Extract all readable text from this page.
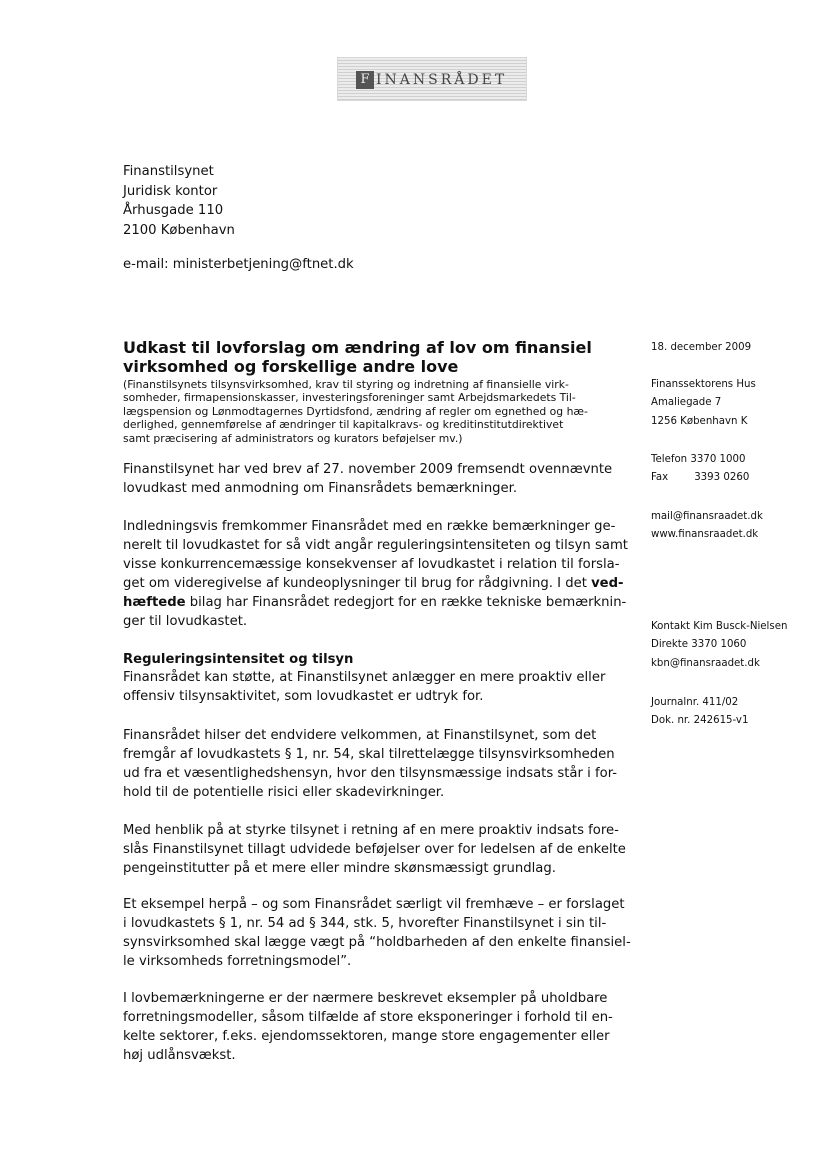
F INANSRÅDET
Finanstilsynet
Juridisk kontor
Århusgade 110
2100 København
e-mail: ministerbetjening@ftnet.dk
Udkast til lovforslag om ændring af lov om finansiel
virksomhed og forskellige andre love
(Finanstilsynets tilsynsvirksomhed, krav til styring og indretning af finansielle virk-
somheder, firmapensionskasser, investeringsforeninger samt Arbejdsmarkedets Til-
lægspension og Lønmodtagernes Dyrtidsfond, ændring af regler om egnethed og hæ-
derlighed, gennemførelse af ændringer til kapitalkravs- og kreditinstitutdirektivet
samt præcisering af administrators og kurators beføjelser mv.)

Finanstilsynet har ved brev af 27. november 2009 fremsendt ovennævnte
lovudkast med anmodning om Finansrådets bemærkninger.

Indledningsvis fremkommer Finansrådet med en række bemærkninger ge-
nerelt til lovudkastet for så vidt angår reguleringsintensiteten og tilsyn samt
visse konkurrencemæssige konsekvenser af lovudkastet i relation til forsla-
get om videregivelse af kundeoplysninger til brug for rådgivning. I det ved-
hæftede bilag har Finansrådet redegjort for en række tekniske bemærknin-
ger til lovudkastet.

Reguleringsintensitet og tilsyn

Finansrådet kan støtte, at Finanstilsynet anlægger en mere proaktiv eller
offensiv tilsynsaktivitet, som lovudkastet er udtryk for.

Finansrådet hilser det endvidere velkommen, at Finanstilsynet, som det
fremgår af lovudkastets § 1, nr. 54, skal tilrettelægge tilsynsvirksomheden
ud fra et væsentlighedshensyn, hvor den tilsynsmæssige indsats står i for-
hold til de potentielle risici eller skadevirkninger.

Med henblik på at styrke tilsynet i retning af en mere proaktiv indsats fore-
slås Finanstilsynet tillagt udvidede beføjelser over for ledelsen af de enkelte
pengeinstitutter på et mere eller mindre skønsmæssigt grundlag.

Et eksempel herpå – og som Finansrådet særligt vil fremhæve – er forslaget
i lovudkastets § 1, nr. 54 ad § 344, stk. 5, hvorefter Finanstilsynet i sin til-
synsvirksomhed skal lægge vægt på “holdbarheden af den enkelte finansiel-
le virksomheds forretningsmodel”.

I lovbemærkningerne er der nærmere beskrevet eksempler på uholdbare
forretningsmodeller, såsom tilfælde af store eksponeringer i forhold til en-
kelte sektorer, f.eks. ejendomssektoren, mange store engagementer eller
høj udlånsvækst.

18. december 2009
Finanssektorens Hus
Amaliegade 7
1256 København K
Telefon 3370 1000
Fax	3393 0260
mail@finansraadet.dk
www.finansraadet.dk
Kontakt Kim Busck-Nielsen
Direkte 3370 1060
kbn@finansraadet.dk
Journalnr. 411/02
Dok. nr. 242615-v1
